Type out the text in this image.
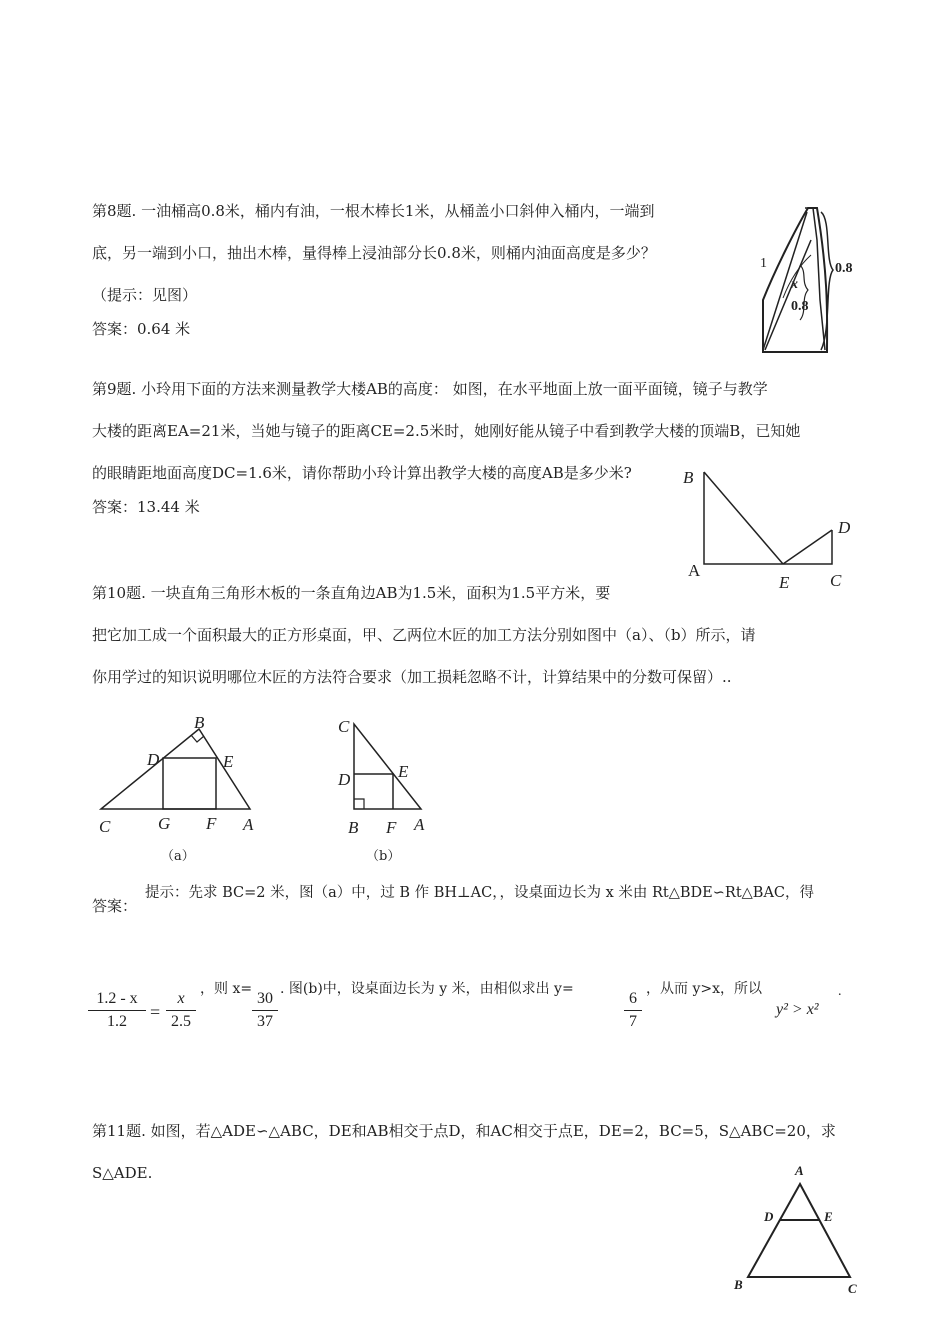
第8题. 一油桶高0.8米，桶内有油，一根木棒长1米，从桶盖小口斜伸入桶内，一端到
底，另一端到小口，抽出木棒，量得棒上浸油部分长0.8米，则桶内油面高度是多少？
（提示：见图）
答案：0.64 米
1	0.8
x
0.8
第9题. 小玲用下面的方法来测量教学大楼AB的高度： 如图，在水平地面上放一面平面镜，镜子与教学
大楼的距离EA=21米，当她与镜子的距离CE=2.5米时，她刚好能从镜子中看到教学大楼的顶端B，已知她
的眼睛距地面高度DC=1.6米，请你帮助小玲计算出教学大楼的高度AB是多少米?
答案：13.44 米
B
A
E C
D
第10题. 一块直角三角形木板的一条直角边AB为1.5米，面积为1.5平方米，要
把它加工成一个面积最大的正方形桌面，甲、乙两位木匠的加工方法分别如图中（a）、（b）所示，请
你用学过的知识说明哪位木匠的方法符合要求（加工损耗忽略不计，计算结果中的分数可保留）..
B
D	E
C	G F A
（a）
C
D	E
B F A
（b）
答案：
提示：先求 BC=2 米，图（a）中，过 B 作 BH⊥AC，，设桌面边长为 x 米由 Rt△BDE∽Rt△BAC，得
1.2 - x
1.2	=
x
2.5
，则 x=
30
37
. 图(b)中，设桌面边长为 y 米，由相似求出 y=
6
7
，从而 y>x，所以
y² > x²
.
第11题. 如图，若△ADE∽△ABC，DE和AB相交于点D，和AC相交于点E，DE=2，BC=5，S△ABC=20，求
S△ADE.	A
D	E
B	C
